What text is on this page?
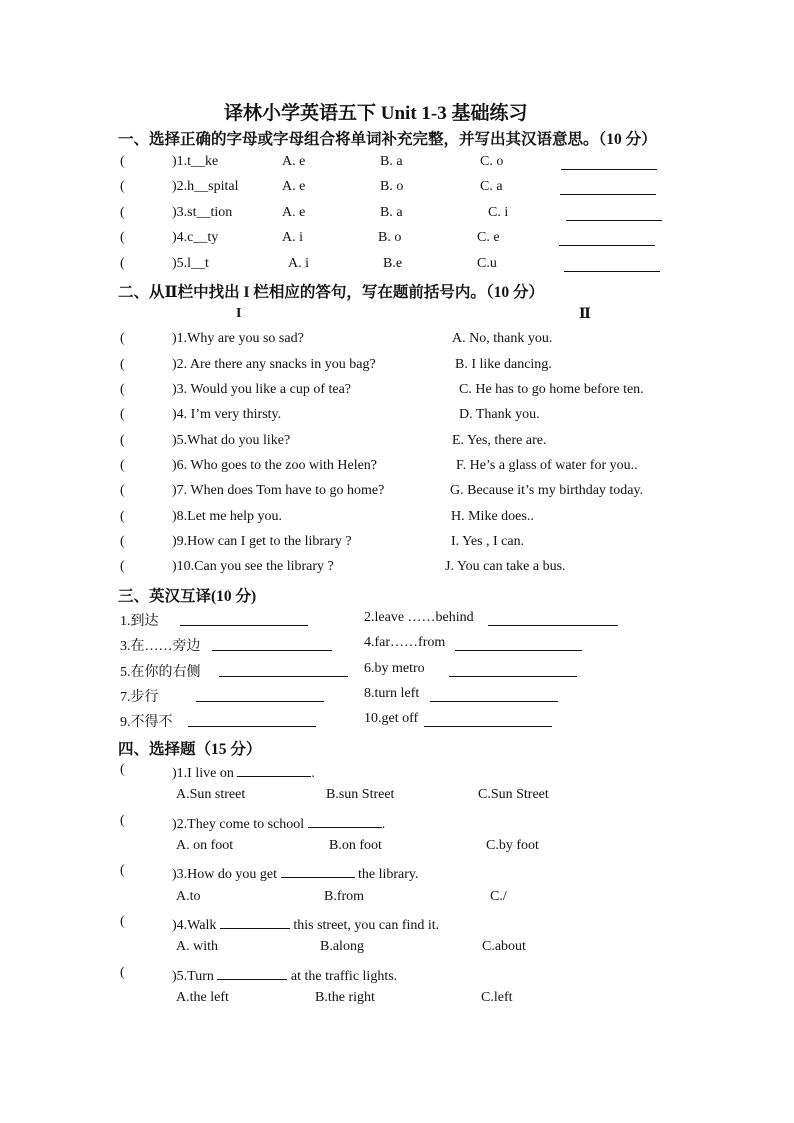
译林小学英语五下 Unit 1-3 基础练习
一、选择正确的字母或字母组合将单词补充完整，并写出其汉语意思。（10 分）
(	)1.t__ke	A. e	B. a	C. o
(	)2.h__spital	A. e	B. o	C. a
(	)3.st__tion	A. e	B. a	C. i
(	)4.c__ty	A. i	B. o	C. e
(	)5.l__t	A. i	B.e	C.u
二、从Ⅱ栏中找出 I 栏相应的答句，写在题前括号内。（10 分）
I	Ⅱ
(	)1.Why are you so sad?	A. No, thank you.
(	)2. Are there any snacks in you bag?	B. I like dancing.
(	)3. Would you like a cup of tea?	C. He has to go home before ten.
(	)4. I’m very thirsty.	D. Thank you.
(	)5.What do you like?	E. Yes, there are.
(	)6. Who goes to the zoo with Helen?	F. He’s a glass of water for you..
(	)7. When does Tom have to go home?	G. Because it’s my birthday today.
(	)8.Let me help you.	H. Mike does..
(	)9.How can I get to the library ?	I. Yes , I can.
(	)10.Can you see the library ?	J. You can take a bus.
三、英汉互译(10 分)
1.到达	2.leave ……behind
3.在……旁边	4.far……from
5.在你的右侧	6.by metro
7.步行	8.turn left
9.不得不	10.get off
四、选择题（15 分）
(	)1.I live on	.
A.Sun street	B.sun Street	C.Sun Street
(	)2.They come to school	.
A. on foot	B.on foot	C.by foot
(	)3.How do you get	the library.
A.to	B.from	C./
(	)4.Walk	this street, you can find it.
A. with	B.along	C.about
(	)5.Turn	at the traffic lights.
A.the left	B.the right	C.left
